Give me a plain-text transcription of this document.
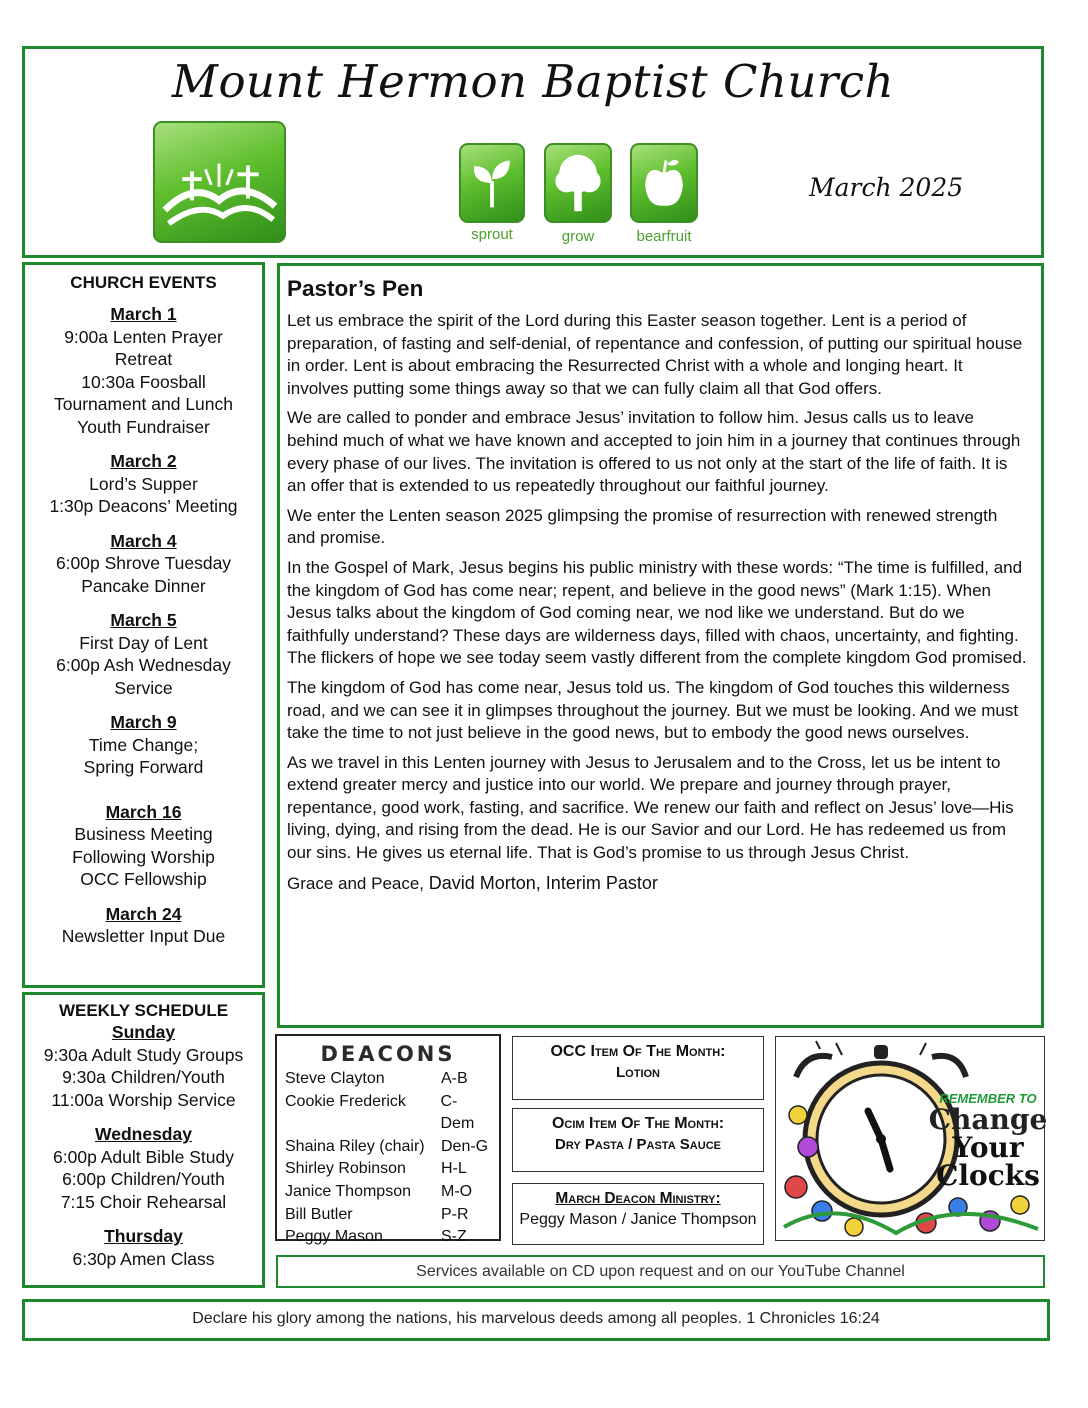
Mount Hermon Baptist Church
sprout	grow	bearfruit
March 2025
CHURCH EVENTS
March 1
9:00a Lenten Prayer
Retreat
10:30a Foosball
Tournament and Lunch
Youth Fundraiser
March 2
Lord’s Supper
1:30p Deacons’ Meeting
March 4
6:00p Shrove Tuesday
Pancake Dinner
March 5
First Day of Lent
6:00p Ash Wednesday
Service
March 9
Time Change;
Spring Forward
March 16
Business Meeting
Following Worship
OCC Fellowship
March 24
Newsletter Input Due
WEEKLY SCHEDULE
Sunday
9:30a Adult Study Groups
9:30a Children/Youth
11:00a Worship Service
Wednesday
6:00p Adult Bible Study
6:00p Children/Youth
7:15 Choir Rehearsal
Thursday
6:30p Amen Class
Pastor’s Pen

Let us embrace the spirit of the Lord during this Easter season together. Lent is a period of preparation, of fasting and self-denial, of repentance and confession, of putting our spiritual house in order. Lent is about embracing the Resurrected Christ with a whole and longing heart. It involves putting some things away so that we can fully claim all that God offers.

We are called to ponder and embrace Jesus’ invitation to follow him. Jesus calls us to leave behind much of what we have known and accepted to join him in a journey that continues through every phase of our lives. The invitation is offered to us not only at the start of the life of faith. It is an offer that is extended to us repeatedly throughout our faithful journey.

We enter the Lenten season 2025 glimpsing the promise of resurrection with renewed strength and promise.

In the Gospel of Mark, Jesus begins his public ministry with these words: “The time is fulfilled, and the kingdom of God has come near; repent, and believe in the good news” (Mark 1:15). When Jesus talks about the kingdom of God coming near, we nod like we understand. But do we faithfully understand? These days are wilderness days, filled with chaos, uncertainty, and fighting. The flickers of hope we see today seem vastly different from the complete kingdom God promised.

The kingdom of God has come near, Jesus told us. The kingdom of God touches this wilderness road, and we can see it in glimpses throughout the journey. But we must be looking. And we must take the time to not just believe in the good news, but to embody the good news ourselves.

As we travel in this Lenten journey with Jesus to Jerusalem and to the Cross, let us be intent to extend greater mercy and justice into our world. We prepare and journey through prayer, repentance, good work, fasting, and sacrifice. We renew our faith and reflect on Jesus’ love—His living, dying, and rising from the dead. He is our Savior and our Lord. He has redeemed us from our sins. He gives us eternal life. That is God’s promise to us through Jesus Christ.

Grace and Peace, David Morton, Interim Pastor

DEACONS
Steve Clayton	A-B
Cookie Frederick	C-Dem
Shaina Riley (chair)	Den-G
Shirley Robinson	H-L
Janice Thompson	M-O
Bill Butler	P-R
Peggy Mason	S-Z
OCC Item Of The Month:
Lotion
Ocim Item Of The Month:
Dry Pasta / Pasta Sauce
March Deacon Ministry:
Peggy Mason / Janice Thompson
REMEMBER TO
Change
Your
Clocks
Services available on CD upon request and on our YouTube Channel
Declare his glory among the nations, his marvelous deeds among all peoples. 1 Chronicles 16:24
